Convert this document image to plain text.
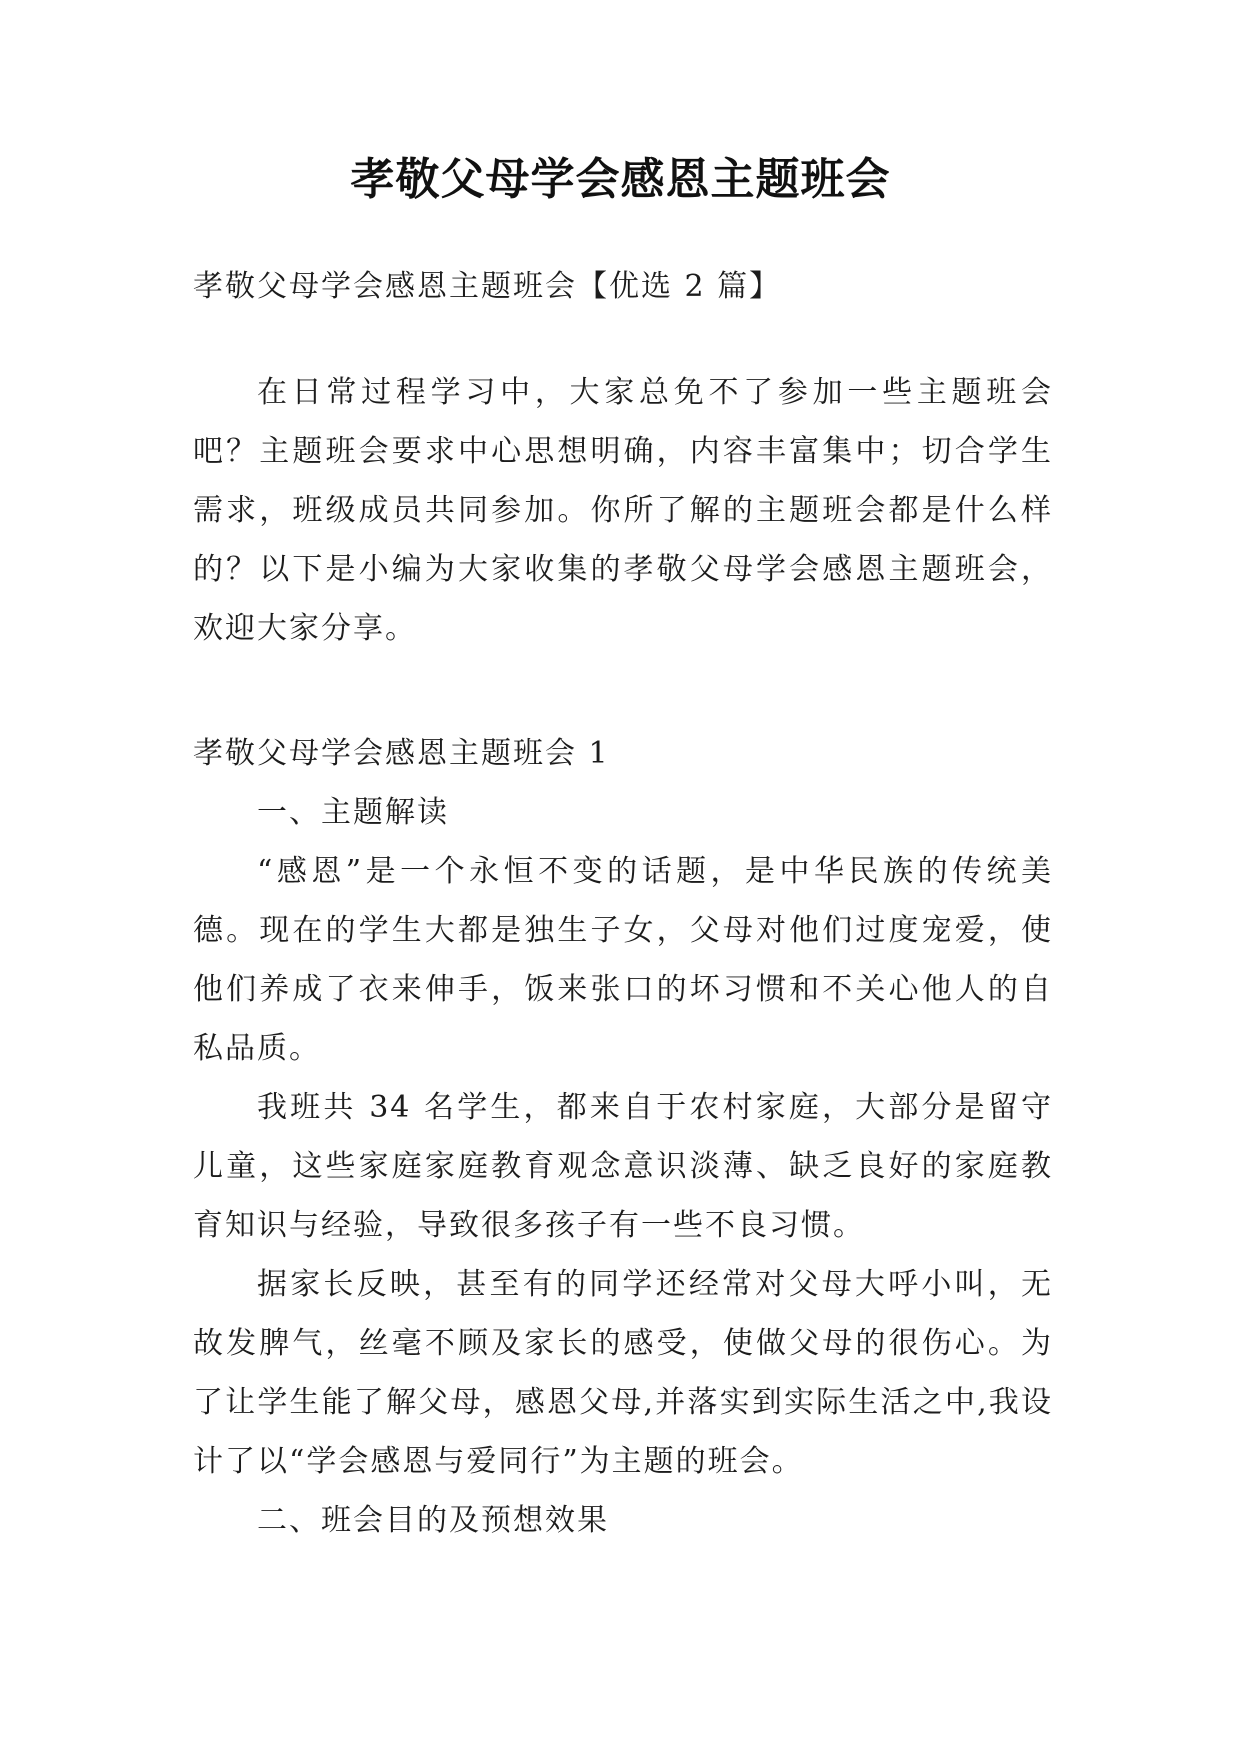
孝敬父母学会感恩主题班会

孝敬父母学会感恩主题班会【优选 2 篇】

在日常过程学习中，大家总免不了参加一些主题班会吧？主题班会要求中心思想明确，内容丰富集中；切合学生需求，班级成员共同参加。你所了解的主题班会都是什么样的？以下是小编为大家收集的孝敬父母学会感恩主题班会，欢迎大家分享。

孝敬父母学会感恩主题班会 1

一、主题解读

“感恩”是一个永恒不变的话题，是中华民族的传统美德。现在的学生大都是独生子女，父母对他们过度宠爱，使他们养成了衣来伸手，饭来张口的坏习惯和不关心他人的自私品质。

我班共 34 名学生，都来自于农村家庭，大部分是留守儿童，这些家庭家庭教育观念意识淡薄、缺乏良好的家庭教育知识与经验，导致很多孩子有一些不良习惯。

据家长反映，甚至有的同学还经常对父母大呼小叫，无故发脾气，丝毫不顾及家长的感受，使做父母的很伤心。为了让学生能了解父母，感恩父母,并落实到实际生活之中,我设计了以“学会感恩与爱同行”为主题的班会。

二、班会目的及预想效果
